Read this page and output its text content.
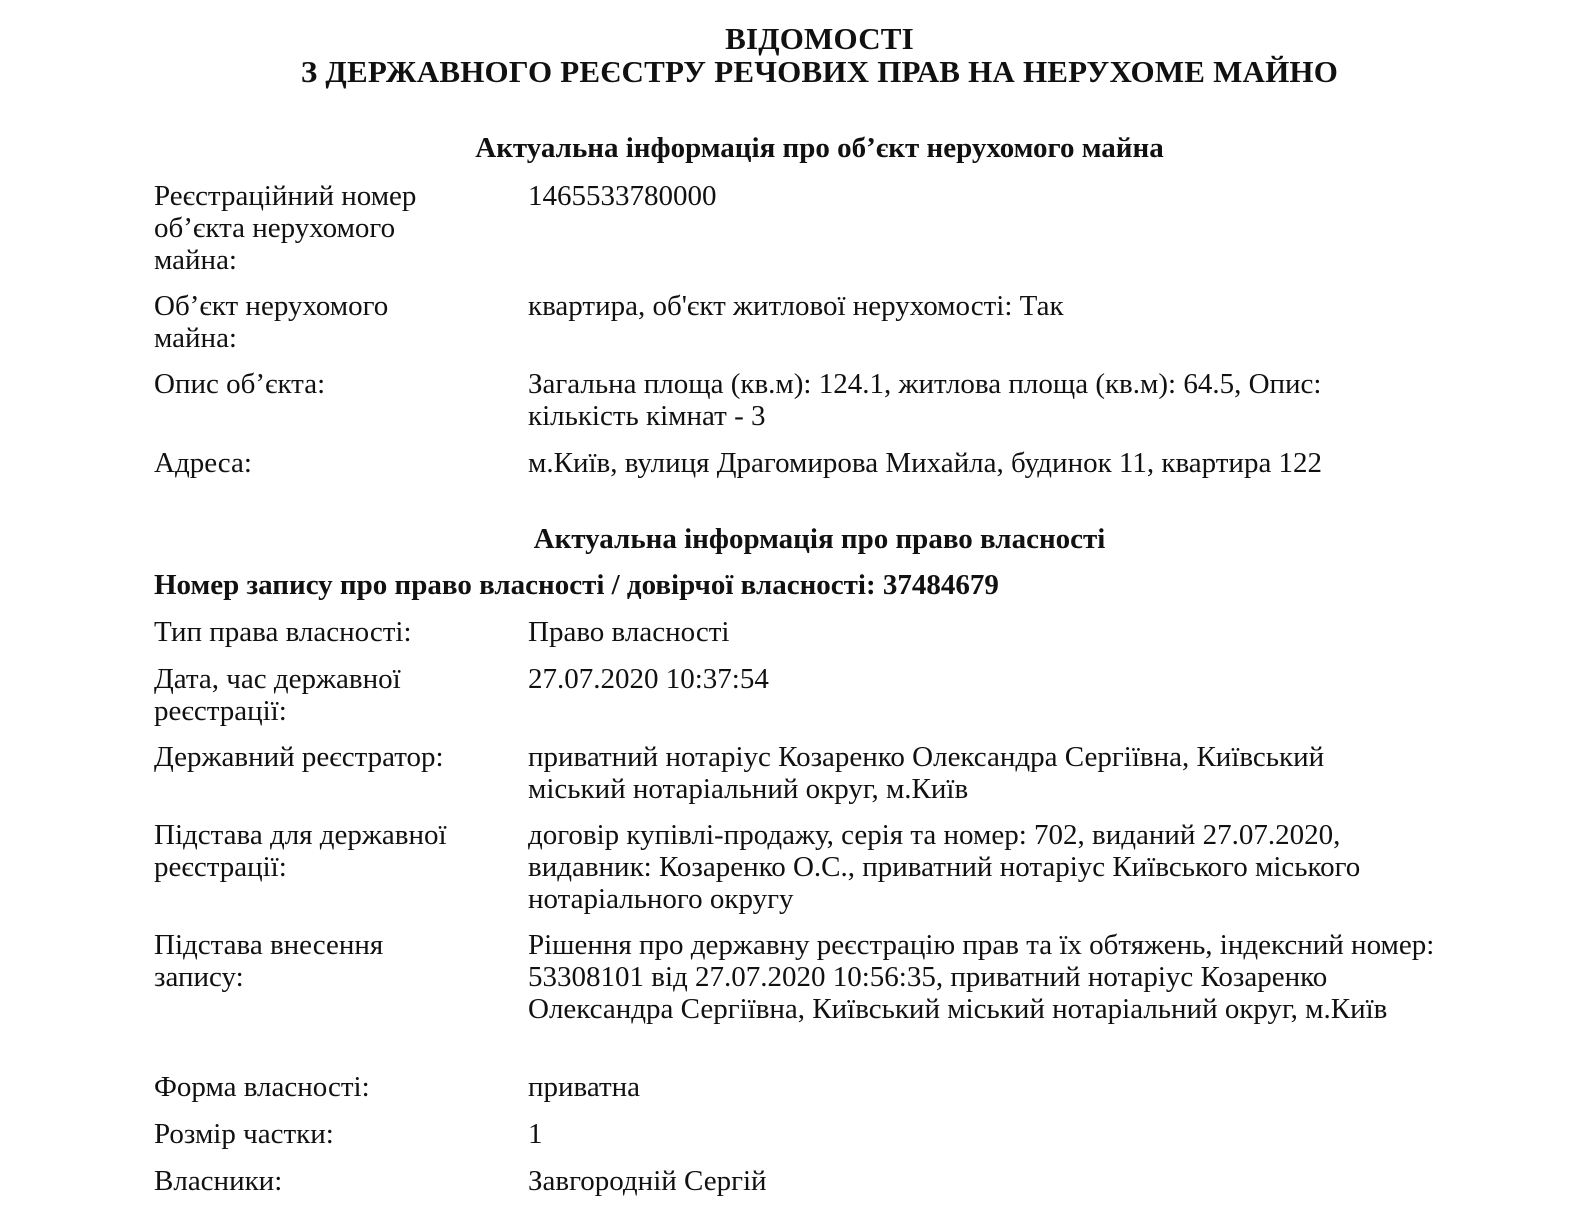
ВІДОМОСТІ
З ДЕРЖАВНОГО РЕЄСТРУ РЕЧОВИХ ПРАВ НА НЕРУХОМЕ МАЙНО
Актуальна інформація про об’єкт нерухомого майна
Реєстраційний номер об’єкта нерухомого майна:
1465533780000
Об’єкт нерухомого майна:
квартира, об'єкт житлової нерухомості: Так
Опис об’єкта:	Загальна площа (кв.м): 124.1, житлова площа (кв.м): 64.5, Опис: кількість кімнат - 3
Адреса:	м.Київ, вулиця Драгомирова Михайла, будинок 11, квартира 122
Актуальна інформація про право власності
Номер запису про право власності / довірчої власності: 37484679
Тип права власності:	Право власності
Дата, час державної реєстрації:
27.07.2020 10:37:54
Державний реєстратор:	приватний нотаріус Козаренко Олександра Сергіївна, Київський міський нотаріальний округ, м.Київ
Підстава для державної реєстрації:
договір купівлі-продажу, серія та номер: 702, виданий 27.07.2020, видавник: Козаренко О.С., приватний нотаріус Київського міського нотаріального округу
Підстава внесення запису:
Рішення про державну реєстрацію прав та їх обтяжень, індексний номер: 53308101 від 27.07.2020 10:56:35, приватний нотаріус Козаренко Олександра Сергіївна, Київський міський нотаріальний округ, м.Київ
Форма власності:	приватна
Розмір частки:	1
Власники:	Завгородній Сергій
